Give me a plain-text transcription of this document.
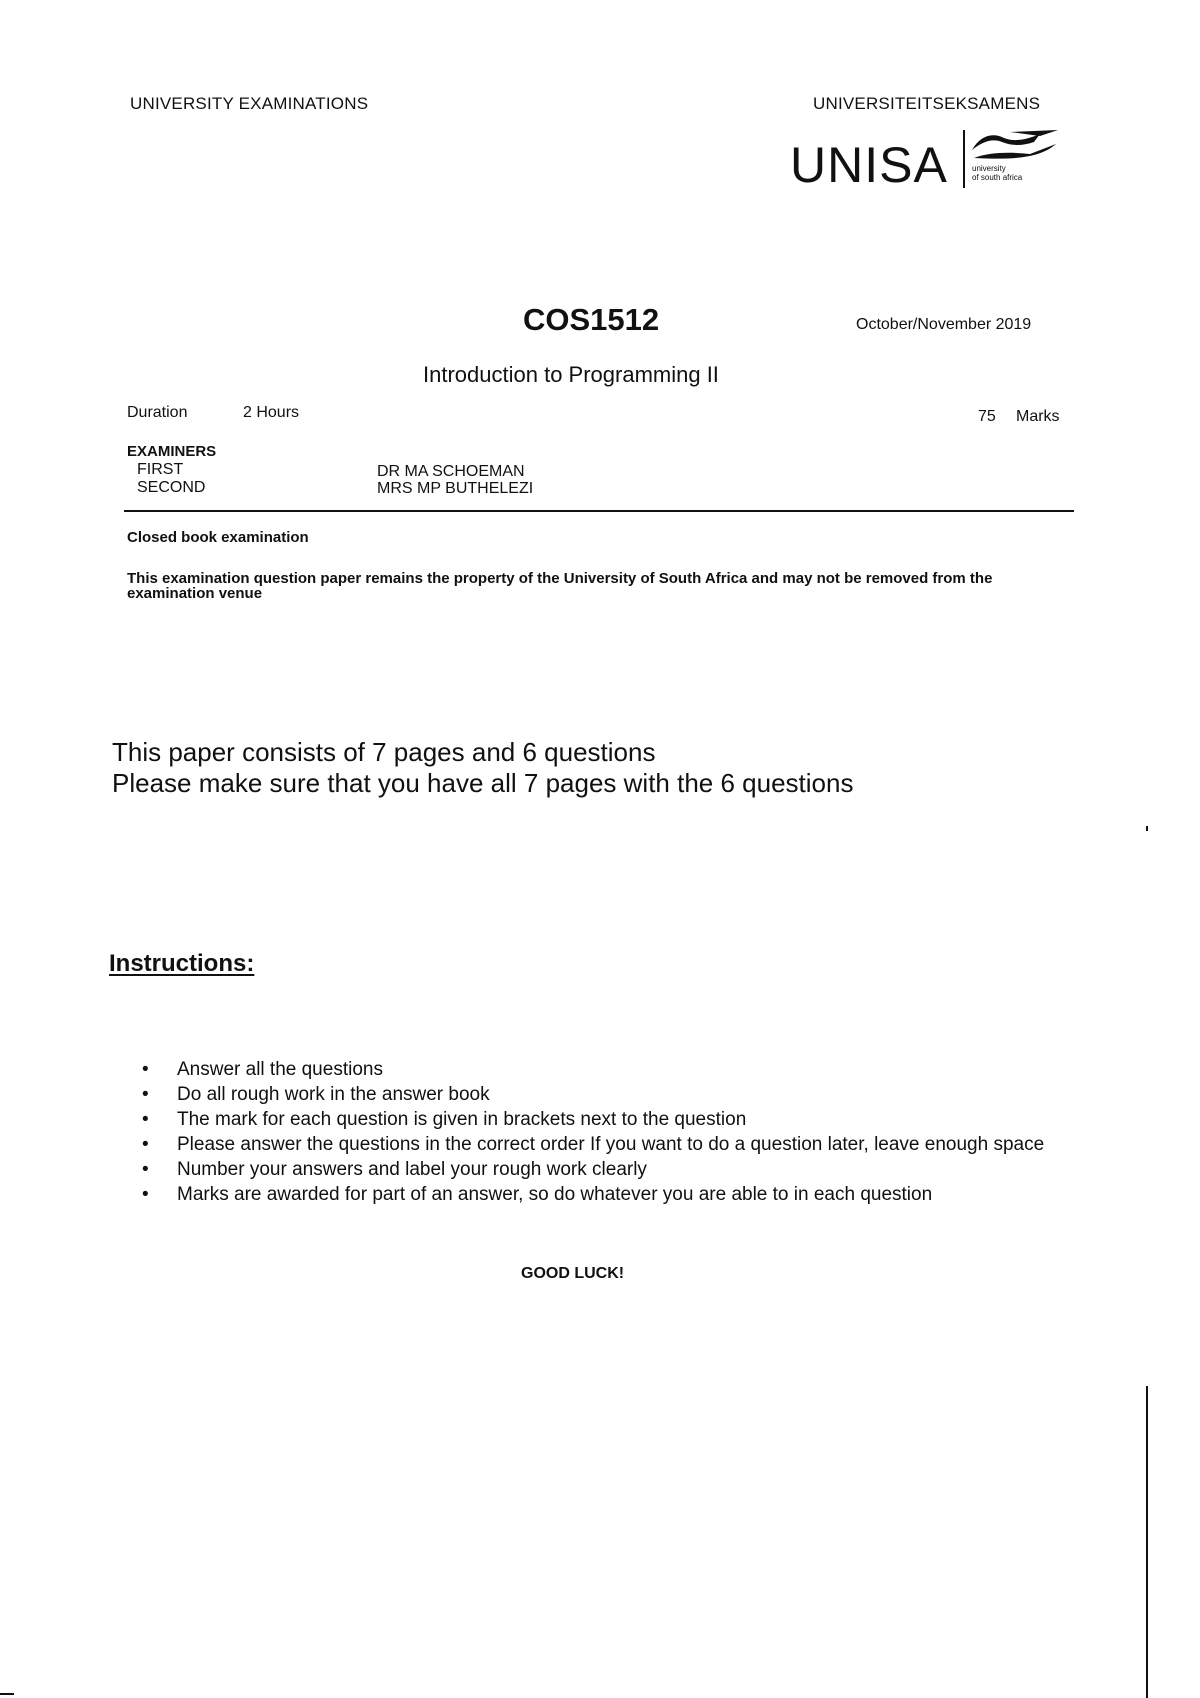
UNIVERSITY EXAMINATIONS	UNIVERSITEITSEKSAMENS
UNISA	university
of south africa
COS1512	October/November 2019
Introduction to Programming II
Duration	2 Hours	75 Marks
EXAMINERS
FIRST	DR MA SCHOEMAN
SECOND	MRS MP BUTHELEZI
Closed book examination
This examination question paper remains the property of the University of South Africa and may not be removed from the examination venue
This paper consists of 7 pages and 6 questions
Please make sure that you have all 7 pages with the 6 questions
Instructions:
• Answer all the questions
• Do all rough work in the answer book
• The mark for each question is given in brackets next to the question
• Please answer the questions in the correct order If you want to do a question later, leave enough space
• Number your answers and label your rough work clearly
• Marks are awarded for part of an answer, so do whatever you are able to in each question
GOOD LUCK!
